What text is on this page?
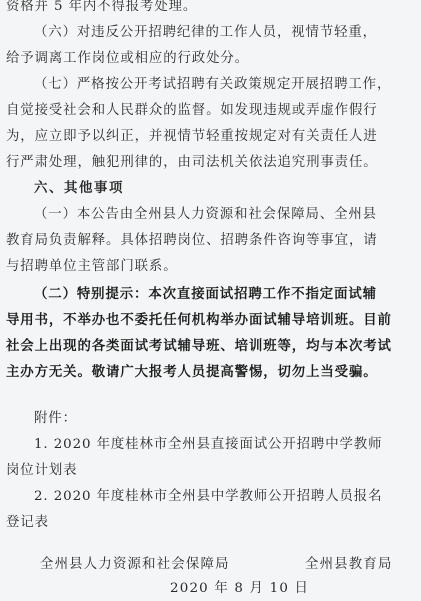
资格并 5 年内不得报考处理。
（六）对违反公开招聘纪律的工作人员，视情节轻重，
给予调离工作岗位或相应的行政处分。
（七）严格按公开考试招聘有关政策规定开展招聘工作，
自觉接受社会和人民群众的监督。如发现违规或弄虚作假行
为，应立即予以纠正，并视情节轻重按规定对有关责任人进
行严肃处理，触犯刑律的，由司法机关依法追究刑事责任。
六、其他事项
（一）本公告由全州县人力资源和社会保障局、全州县
教育局负责解释。具体招聘岗位、招聘条件咨询等事宜，请
与招聘单位主管部门联系。
（二）特别提示：本次直接面试招聘工作不指定面试辅
导用书，不举办也不委托任何机构举办面试辅导培训班。目前
社会上出现的各类面试考试辅导班、培训班等，均与本次考试
主办方无关。敬请广大报考人员提高警惕，切勿上当受骗。
附件：
1. 2020 年度桂林市全州县直接面试公开招聘中学教师
岗位计划表
2. 2020 年度桂林市全州县中学教师公开招聘人员报名
登记表
全州县人力资源和社会保障局	全州县教育局
2020 年 8 月 10 日
